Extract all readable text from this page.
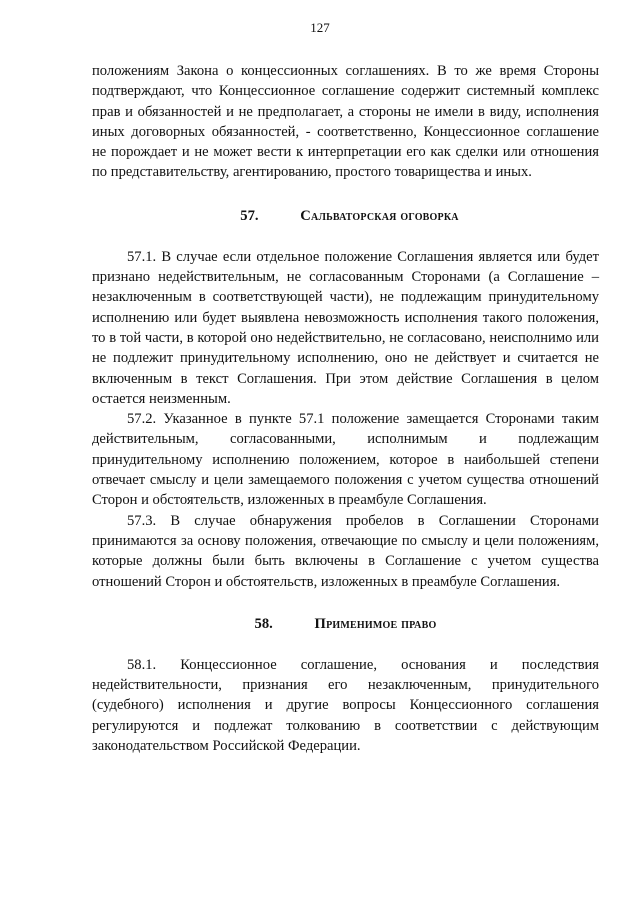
127

положениям Закона о концессионных соглашениях. В то же время Стороны подтверждают, что Концессионное соглашение содержит системный комплекс прав и обязанностей и не предполагает, а стороны не имели в виду, исполнения иных договорных обязанностей, - соответственно, Концессионное соглашение не порождает и не может вести к интерпретации его как сделки или отношения по представительству, агентированию, простого товарищества и иных.

57.	Сальваторская оговорка

57.1. В случае если отдельное положение Соглашения является или будет признано недействительным, не согласованным Сторонами (а Соглашение – незаключенным в соответствующей части), не подлежащим принудительному исполнению или будет выявлена невозможность исполнения такого положения, то в той части, в которой оно недействительно, не согласовано, неисполнимо или не подлежит принудительному исполнению, оно не действует и считается не включенным в текст Соглашения. При этом действие Соглашения в целом остается неизменным.

57.2. Указанное в пункте 57.1 положение замещается Сторонами таким действительным, согласованными, исполнимым и подлежащим принудительному исполнению положением, которое в наибольшей степени отвечает смыслу и цели замещаемого положения с учетом существа отношений Сторон и обстоятельств, изложенных в преамбуле Соглашения.

57.3. В случае обнаружения пробелов в Соглашении Сторонами принимаются за основу положения, отвечающие по смыслу и цели положениям, которые должны были быть включены в Соглашение с учетом существа отношений Сторон и обстоятельств, изложенных в преамбуле Соглашения.

58.	Применимое право

58.1. Концессионное соглашение, основания и последствия недействительности, признания его незаключенным, принудительного (судебного) исполнения и другие вопросы Концессионного соглашения регулируются и подлежат толкованию в соответствии с действующим законодательством Российской Федерации.
